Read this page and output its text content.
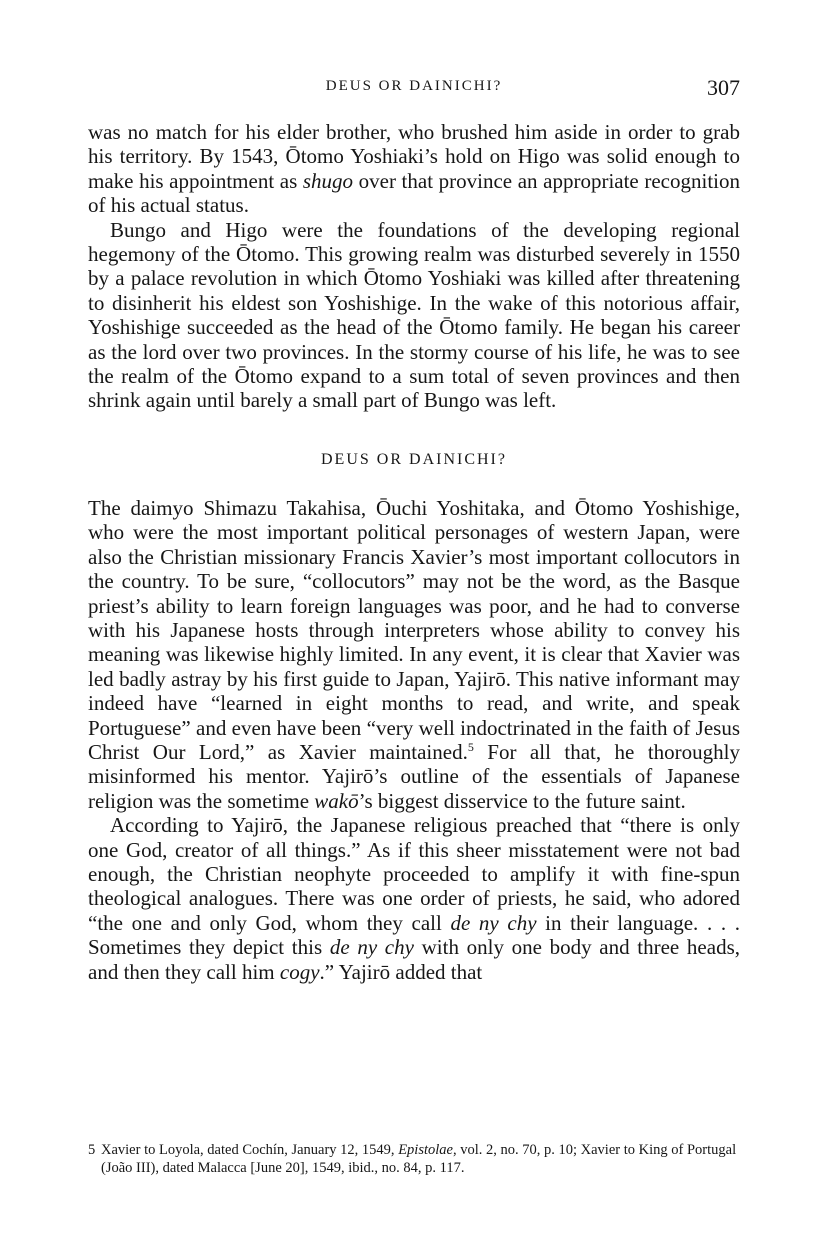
DEUS OR DAINICHI?	307

was no match for his elder brother, who brushed him aside in order to grab his territory. By 1543, Ōtomo Yoshiaki’s hold on Higo was solid enough to make his appointment as shugo over that province an appropriate recognition of his actual status.

Bungo and Higo were the foundations of the developing regional hegemony of the Ōtomo. This growing realm was disturbed severely in 1550 by a palace revolution in which Ōtomo Yoshiaki was killed after threatening to disinherit his eldest son Yoshishige. In the wake of this notorious affair, Yoshishige succeeded as the head of the Ōtomo family. He began his career as the lord over two provinces. In the stormy course of his life, he was to see the realm of the Ōtomo expand to a sum total of seven provinces and then shrink again until barely a small part of Bungo was left.

DEUS OR DAINICHI?

The daimyo Shimazu Takahisa, Ōuchi Yoshitaka, and Ōtomo Yoshishige, who were the most important political personages of western Japan, were also the Christian missionary Francis Xavier’s most important collocutors in the country. To be sure, “collocutors” may not be the word, as the Basque priest’s ability to learn foreign languages was poor, and he had to converse with his Japanese hosts through interpreters whose ability to convey his meaning was likewise highly limited. In any event, it is clear that Xavier was led badly astray by his first guide to Japan, Yajirō. This native informant may indeed have “learned in eight months to read, and write, and speak Portuguese” and even have been “very well indoctrinated in the faith of Jesus Christ Our Lord,” as Xavier maintained.$^5$ For all that, he thoroughly misinformed his mentor. Yajirō’s outline of the essentials of Japanese religion was the sometime wakō’s biggest disservice to the future saint.

According to Yajirō, the Japanese religious preached that “there is only one God, creator of all things.” As if this sheer misstatement were not bad enough, the Christian neophyte proceeded to amplify it with fine-spun theological analogues. There was one order of priests, he said, who adored “the one and only God, whom they call de ny chy in their language. . . . Sometimes they depict this de ny chy with only one body and three heads, and then they call him cogy.” Yajirō added that

5 Xavier to Loyola, dated Cochín, January 12, 1549, Epistolae, vol. 2, no. 70, p. 10; Xavier to King of Portugal (João III), dated Malacca [June 20], 1549, ibid., no. 84, p. 117.
